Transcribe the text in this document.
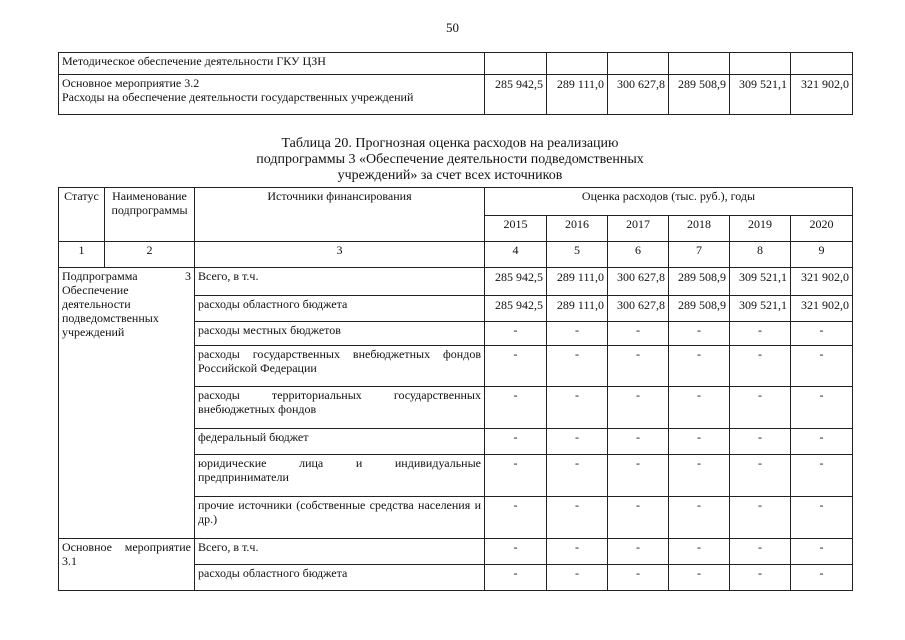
50
Методическое обеспечение деятельности ГКУ ЦЗН						

Основное мероприятие 3.2
Расходы на обеспечение деятельности государственных учреждений	285 942,5	289 111,0	300 627,8	289 508,9	309 521,1	321 902,0
Таблица 20. Прогнозная оценка расходов на реализацию
подпрограммы 3 «Обеспечение деятельности подведомственных
учреждений» за счет всех источников
Статус	Наименование подпрограммы	Источники финансирования	Оценка расходов (тыс. руб.), годы					
			2015	2016	2017	2018	2019	2020
1	2	3	4	5	6	7	8	9
Подпрограмма 3 Обеспечение деятельности подведомственных учреждений		Всего, в т.ч.	285 942,5	289 111,0	300 627,8	289 508,9	309 521,1	321 902,0
		расходы областного бюджета	285 942,5	289 111,0	300 627,8	289 508,9	309 521,1	321 902,0
		расходы местных бюджетов	-	-	-	-	-	-
		расходы государственных внебюджетных фондов Российской Федерации	-	-	-	-	-	-
		расходы территориальных государственных внебюджетных фондов	-	-	-	-	-	-
		федеральный бюджет	-	-	-	-	-	-
		юридические лица и индивидуальные предприниматели	-	-	-	-	-	-
		прочие источники (собственные средства населения и др.)	-	-	-	-	-	-
Основное мероприятие 3.1		Всего, в т.ч.	-	-	-	-	-	-
		расходы областного бюджета	-	-	-	-	-	-
